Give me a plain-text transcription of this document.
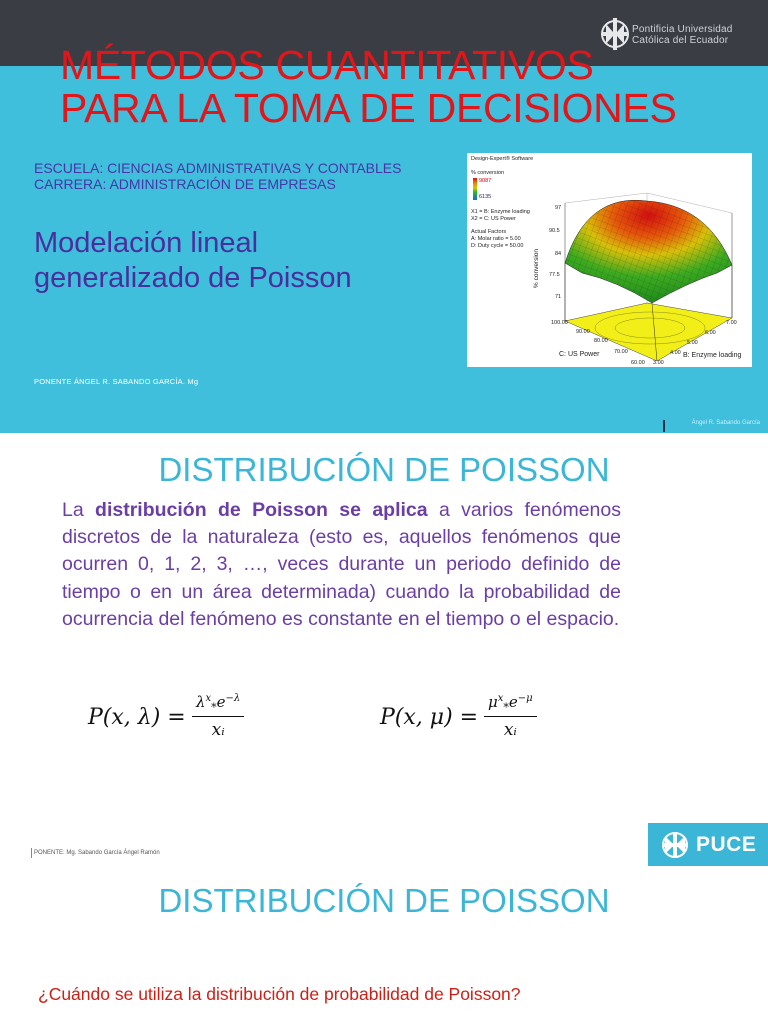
Pontificia Universidad
Católica del Ecuador
MÉTODOS CUANTITATIVOS
PARA LA TOMA DE DECISIONES
ESCUELA: CIENCIAS ADMINISTRATIVAS Y CONTABLES
CARRERA: ADMINISTRACIÓN DE EMPRESAS
Modelación lineal
generalizado de Poisson
Design-Expert® Software
% conversion
9087
6135
X1 = B: Enzyme loading
X2 = C: US Power
Actual Factors
A: Molar ratio = 5.00
D: Duty cycle = 50.00
97
90.5
84
77.5
71
% conversion
100.00
90.00
80.00
70.00
60.00
C: US Power
7.00
6.00
5.00
4.00
3.00
B: Enzyme loading
PONENTE ÁNGEL R. SABANDO GARCÍA. Mg
Ángel R. Sabando García
DISTRIBUCIÓN DE POISSON
La distribución de Poisson se aplica a varios fenómenos discretos de la naturaleza (esto es, aquellos fenómenos que ocurren 0, 1, 2, 3, …, veces durante un periodo definido de tiempo o en un área determinada) cuando la probabilidad de ocurrencia del fenómeno es constante en el tiempo o el espacio.
P(x, $\lambda) = \frac{\lambda^x_*e^{-\lambda}}{\text{xᵢ}}$	P(x, $\mu) = \frac{\mu^x_*e^{-\mu}}{\text{xᵢ}}$
PONENTE: Mg. Sabando García Ángel Ramón	PUCE
DISTRIBUCIÓN DE POISSON
¿Cuándo se utiliza la distribución de probabilidad de Poisson?
